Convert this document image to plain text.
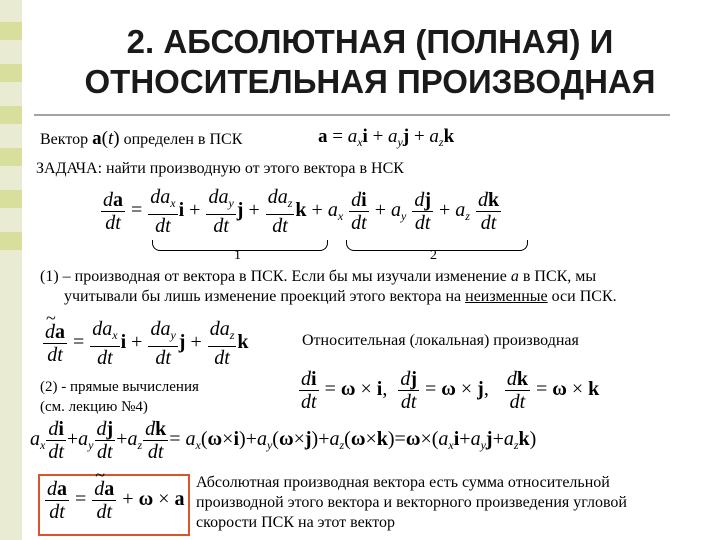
2. АБСОЛЮТНАЯ (ПОЛНАЯ) И
ОТНОСИТЕЛЬНАЯ ПРОИЗВОДНАЯ
Вектор a(t) определен в ПСК	$a = a_xi + a_yj + a_zk$
ЗАДАЧА: найти производную от этого вектора в НСК
$\frac{da}{dt} = \frac{da_x}{dt}$ $i + \frac{da_y}{dt}$ $j + \frac{da_z}{dt}$ $k + a_x \frac{di}{dt} + a_y \frac{dj}{dt} + a_z \frac{dk}{dt}$
1	2
(1) – производная от вектора в ПСК. Если бы мы изучали изменение a в ПСК, мы
учитывали бы лишь изменение проекций этого вектора на неизменные оси ПСК.
~ $\frac{da}{dt} = \frac{da_x}{dt}$ $i + \frac{da_y}{dt}$ $j + \frac{da_z}{dt}$ k	Относительная (локальная) производная
(2) - прямые вычисления
(см. лекцию №4)	$\frac{di}{dt} = \omega \times i$, $\frac{dj}{dt} = \omega \times j$, $\frac{dk}{dt} = \omega \times k$
$a_x \frac{di}{dt} +a_y \frac{dj}{dt} +a_z \frac{dk}{dt} = a_x(\omega\times i)+a_y(\omega\times j)+a_z(\omega\times k)=\omega\times(a_xi+a_yj+a_zk)$
$\frac{da}{dt}$ =
~ $\frac{da}{dt} + \omega \times a$
Абсолютная производная вектора есть сумма относительной
производной этого вектора и векторного произведения угловой
скорости ПСК на этот вектор
